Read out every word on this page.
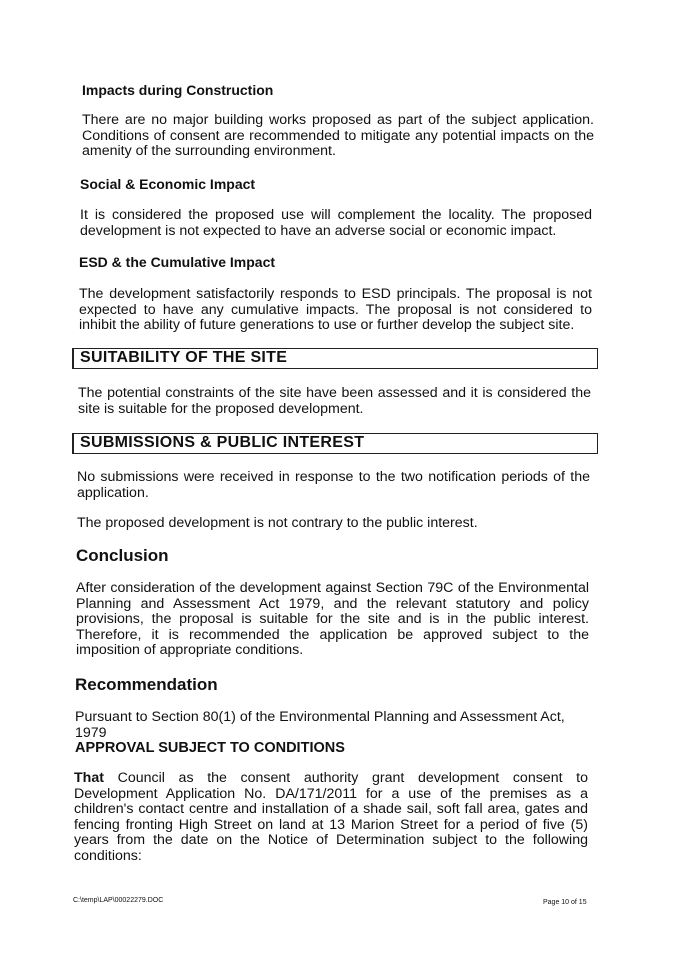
Impacts during Construction
There are no major building works proposed as part of the subject application. Conditions of consent are recommended to mitigate any potential impacts on the amenity of the surrounding environment.
Social & Economic Impact
It is considered the proposed use will complement the locality. The proposed development is not expected to have an adverse social or economic impact.
ESD & the Cumulative Impact
The development satisfactorily responds to ESD principals. The proposal is not expected to have any cumulative impacts. The proposal is not considered to inhibit the ability of future generations to use or further develop the subject site.
SUITABILITY OF THE SITE
The potential constraints of the site have been assessed and it is considered the site is suitable for the proposed development.
SUBMISSIONS & PUBLIC INTEREST
No submissions were received in response to the two notification periods of the application.
The proposed development is not contrary to the public interest.
Conclusion
After consideration of the development against Section 79C of the Environmental Planning and Assessment Act 1979, and the relevant statutory and policy provisions, the proposal is suitable for the site and is in the public interest. Therefore, it is recommended the application be approved subject to the imposition of appropriate conditions.
Recommendation
Pursuant to Section 80(1) of the Environmental Planning and Assessment Act, 1979
APPROVAL SUBJECT TO CONDITIONS
That Council as the consent authority grant development consent to Development Application No. DA/171/2011 for a use of the premises as a children's contact centre and installation of a shade sail, soft fall area, gates and fencing fronting High Street on land at 13 Marion Street for a period of five (5) years from the date on the Notice of Determination subject to the following conditions:
C:\temp\LAP\00022279.DOC	Page 10 of 15
